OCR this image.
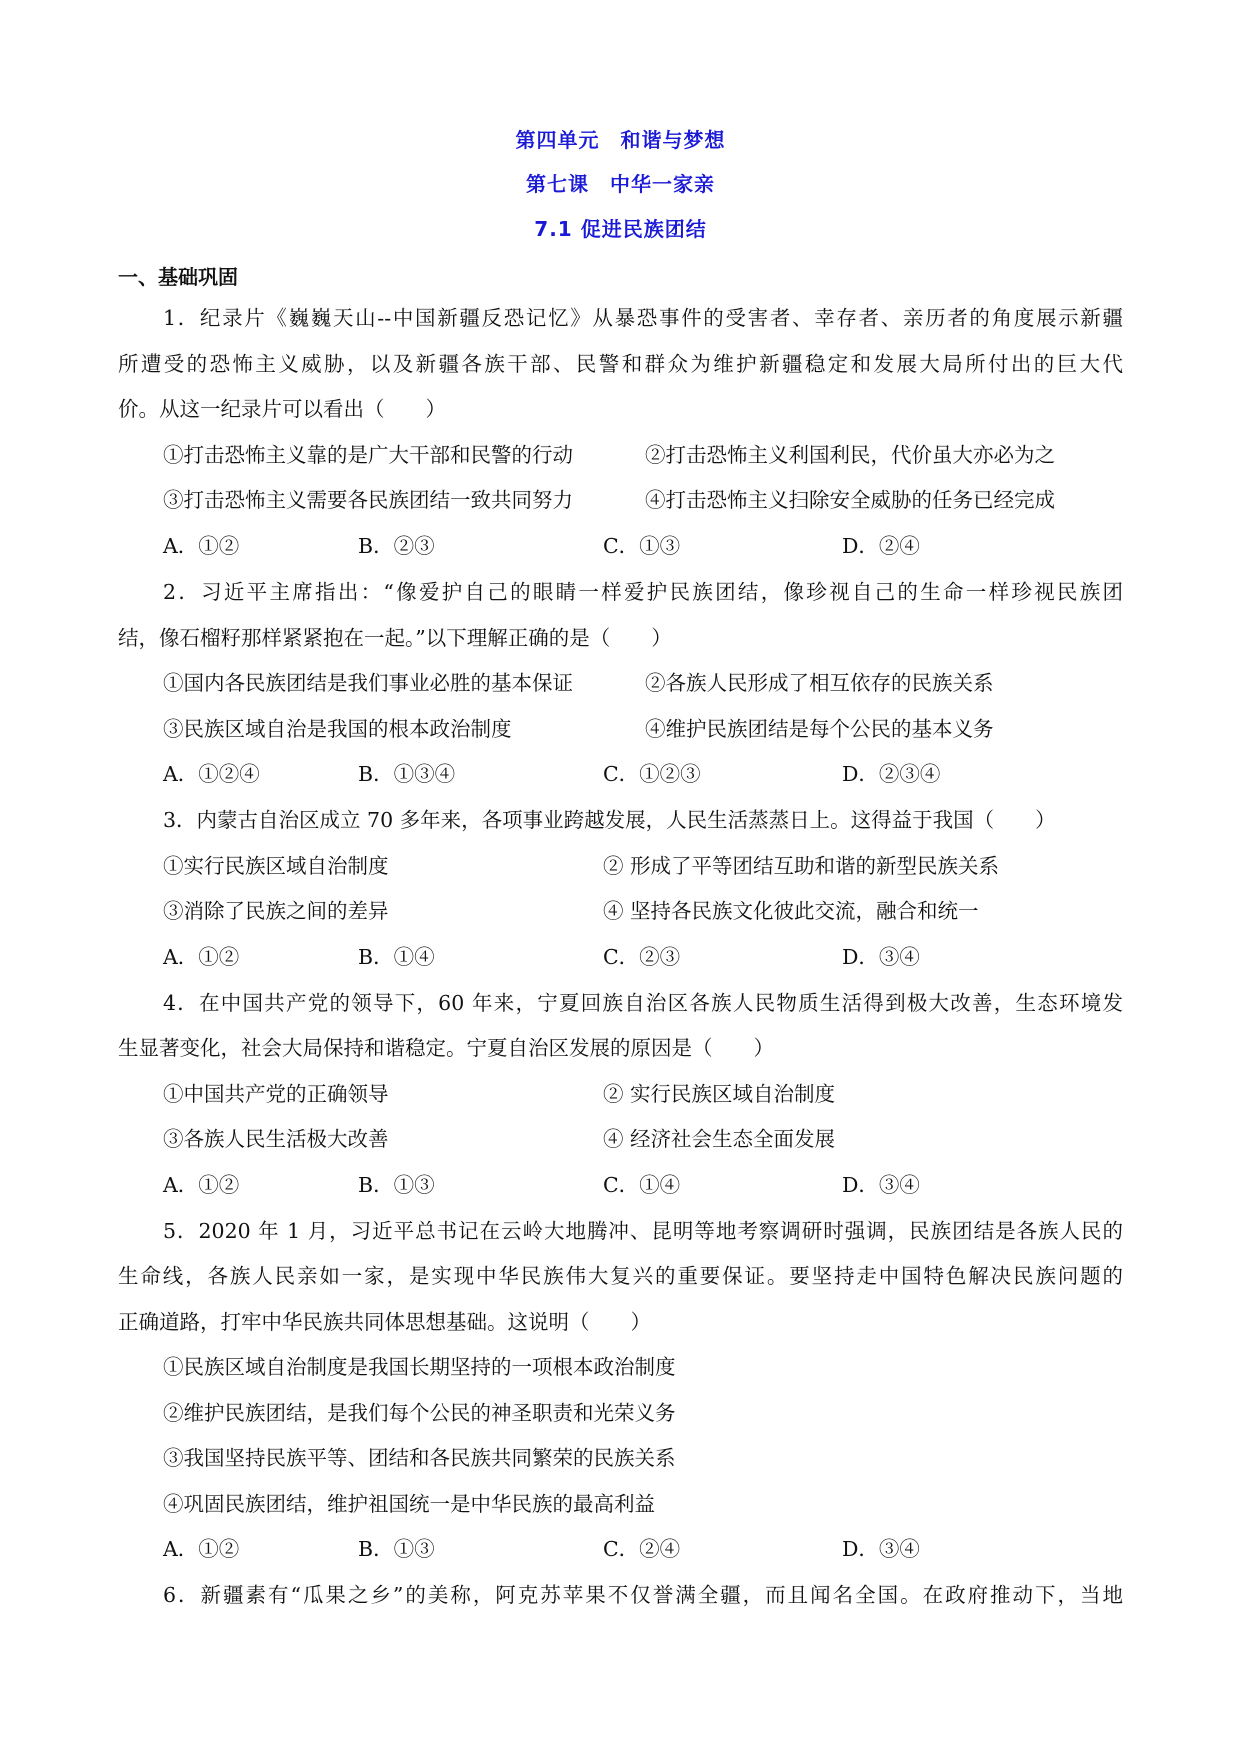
第四单元　和谐与梦想
第七课　中华一家亲
7.1 促进民族团结
一、基础巩固
1．纪录片《巍巍天山--中国新疆反恐记忆》从暴恐事件的受害者、幸存者、亲历者的角度展示新疆
所遭受的恐怖主义威胁，以及新疆各族干部、民警和群众为维护新疆稳定和发展大局所付出的巨大代
价。从这一纪录片可以看出（　　）
①打击恐怖主义靠的是广大干部和民警的行动	②打击恐怖主义利国利民，代价虽大亦必为之
③打击恐怖主义需要各民族团结一致共同努力	④打击恐怖主义扫除安全威胁的任务已经完成
A．①②	B．②③	C．①③	D．②④
2．习近平主席指出：“像爱护自己的眼睛一样爱护民族团结，像珍视自己的生命一样珍视民族团
结，像石榴籽那样紧紧抱在一起。”以下理解正确的是（　　）
①国内各民族团结是我们事业必胜的基本保证	②各族人民形成了相互依存的民族关系
③民族区域自治是我国的根本政治制度	④维护民族团结是每个公民的基本义务
A．①②④	B．①③④	C．①②③	D．②③④
3．内蒙古自治区成立 70 多年来，各项事业跨越发展，人民生活蒸蒸日上。这得益于我国（　　）
①实行民族区域自治制度	② 形成了平等团结互助和谐的新型民族关系
③消除了民族之间的差异	④ 坚持各民族文化彼此交流，融合和统一
A．①②	B．①④	C．②③	D．③④
4．在中国共产党的领导下，60 年来，宁夏回族自治区各族人民物质生活得到极大改善，生态环境发
生显著变化，社会大局保持和谐稳定。宁夏自治区发展的原因是（　　）
①中国共产党的正确领导	② 实行民族区域自治制度
③各族人民生活极大改善	④ 经济社会生态全面发展
A．①②	B．①③	C．①④	D．③④
5．2020 年 1 月，习近平总书记在云岭大地腾冲、昆明等地考察调研时强调，民族团结是各族人民的
生命线，各族人民亲如一家，是实现中华民族伟大复兴的重要保证。要坚持走中国特色解决民族问题的
正确道路，打牢中华民族共同体思想基础。这说明（　　）
①民族区域自治制度是我国长期坚持的一项根本政治制度
②维护民族团结，是我们每个公民的神圣职责和光荣义务
③我国坚持民族平等、团结和各民族共同繁荣的民族关系
④巩固民族团结，维护祖国统一是中华民族的最高利益
A．①②	B．①③	C．②④	D．③④
6．新疆素有“瓜果之乡”的美称，阿克苏苹果不仅誉满全疆，而且闻名全国。在政府推动下，当地
